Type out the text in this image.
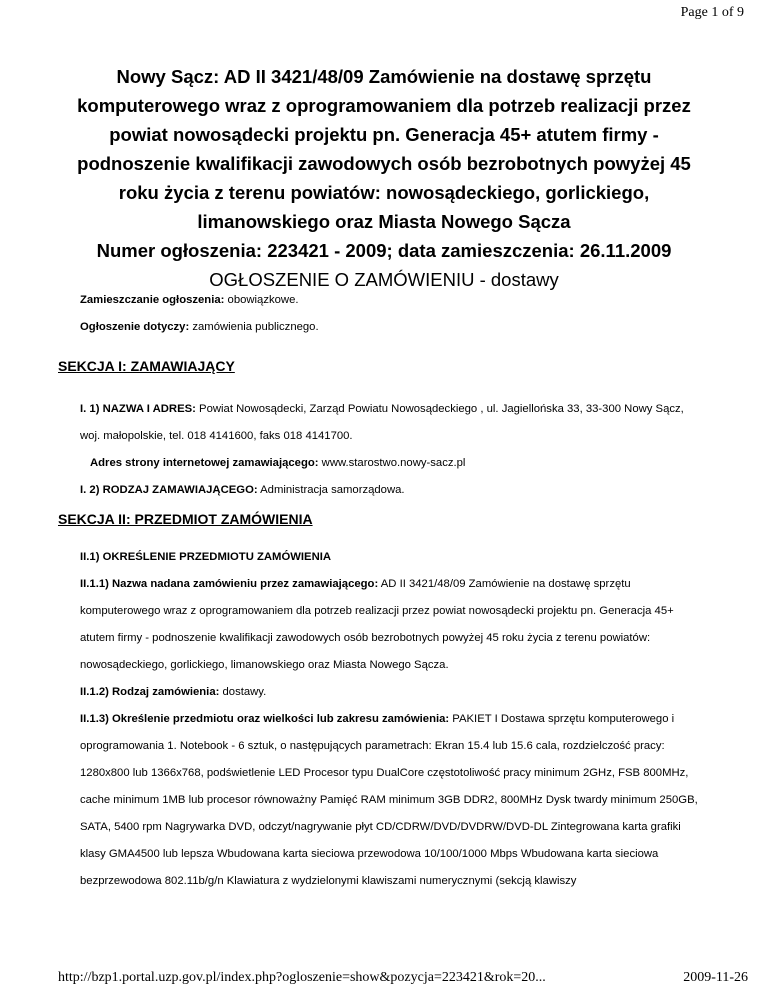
Page 1 of 9

Nowy Sącz: AD II 3421/48/09 Zamówienie na dostawę sprzętu komputerowego wraz z oprogramowaniem dla potrzeb realizacji przez powiat nowosądecki projektu pn. Generacja 45+ atutem firmy - podnoszenie kwalifikacji zawodowych osób bezrobotnych powyżej 45 roku życia z terenu powiatów: nowosądeckiego, gorlickiego, limanowskiego oraz Miasta Nowego Sącza

Numer ogłoszenia: 223421 - 2009; data zamieszczenia: 26.11.2009

OGŁOSZENIE O ZAMÓWIENIU - dostawy

Zamieszczanie ogłoszenia: obowiązkowe.
Ogłoszenie dotyczy: zamówienia publicznego.
SEKCJA I: ZAMAWIAJĄCY
I. 1) NAZWA I ADRES: Powiat Nowosądecki, Zarząd Powiatu Nowosądeckiego , ul. Jagiellońska 33, 33-300 Nowy Sącz, woj. małopolskie, tel. 018 4141600, faks 018 4141700.
Adres strony internetowej zamawiającego: www.starostwo.nowy-sacz.pl
I. 2) RODZAJ ZAMAWIAJĄCEGO: Administracja samorządowa.
SEKCJA II: PRZEDMIOT ZAMÓWIENIA
II.1) OKREŚLENIE PRZEDMIOTU ZAMÓWIENIA
II.1.1) Nazwa nadana zamówieniu przez zamawiającego: AD II 3421/48/09 Zamówienie na dostawę sprzętu komputerowego wraz z oprogramowaniem dla potrzeb realizacji przez powiat nowosądecki projektu pn. Generacja 45+ atutem firmy - podnoszenie kwalifikacji zawodowych osób bezrobotnych powyżej 45 roku życia z terenu powiatów: nowosądeckiego, gorlickiego, limanowskiego oraz Miasta Nowego Sącza.
II.1.2) Rodzaj zamówienia: dostawy.
II.1.3) Określenie przedmiotu oraz wielkości lub zakresu zamówienia: PAKIET I Dostawa sprzętu komputerowego i oprogramowania 1. Notebook - 6 sztuk, o następujących parametrach: Ekran 15.4 lub 15.6 cala, rozdzielczość pracy: 1280x800 lub 1366x768, podświetlenie LED Procesor typu DualCore częstotoliwość pracy minimum 2GHz, FSB 800MHz, cache minimum 1MB lub procesor równoważny Pamięć RAM minimum 3GB DDR2, 800MHz Dysk twardy minimum 250GB, SATA, 5400 rpm Nagrywarka DVD, odczyt/nagrywanie płyt CD/CDRW/DVD/DVDRW/DVD-DL Zintegrowana karta grafiki klasy GMA4500 lub lepsza Wbudowana karta sieciowa przewodowa 10/100/1000 Mbps Wbudowana karta sieciowa bezprzewodowa 802.11b/g/n Klawiatura z wydzielonymi klawiszami numerycznymi (sekcją klawiszy
http://bzp1.portal.uzp.gov.pl/index.php?ogloszenie=show&pozycja=223421&rok=20...	2009-11-26
